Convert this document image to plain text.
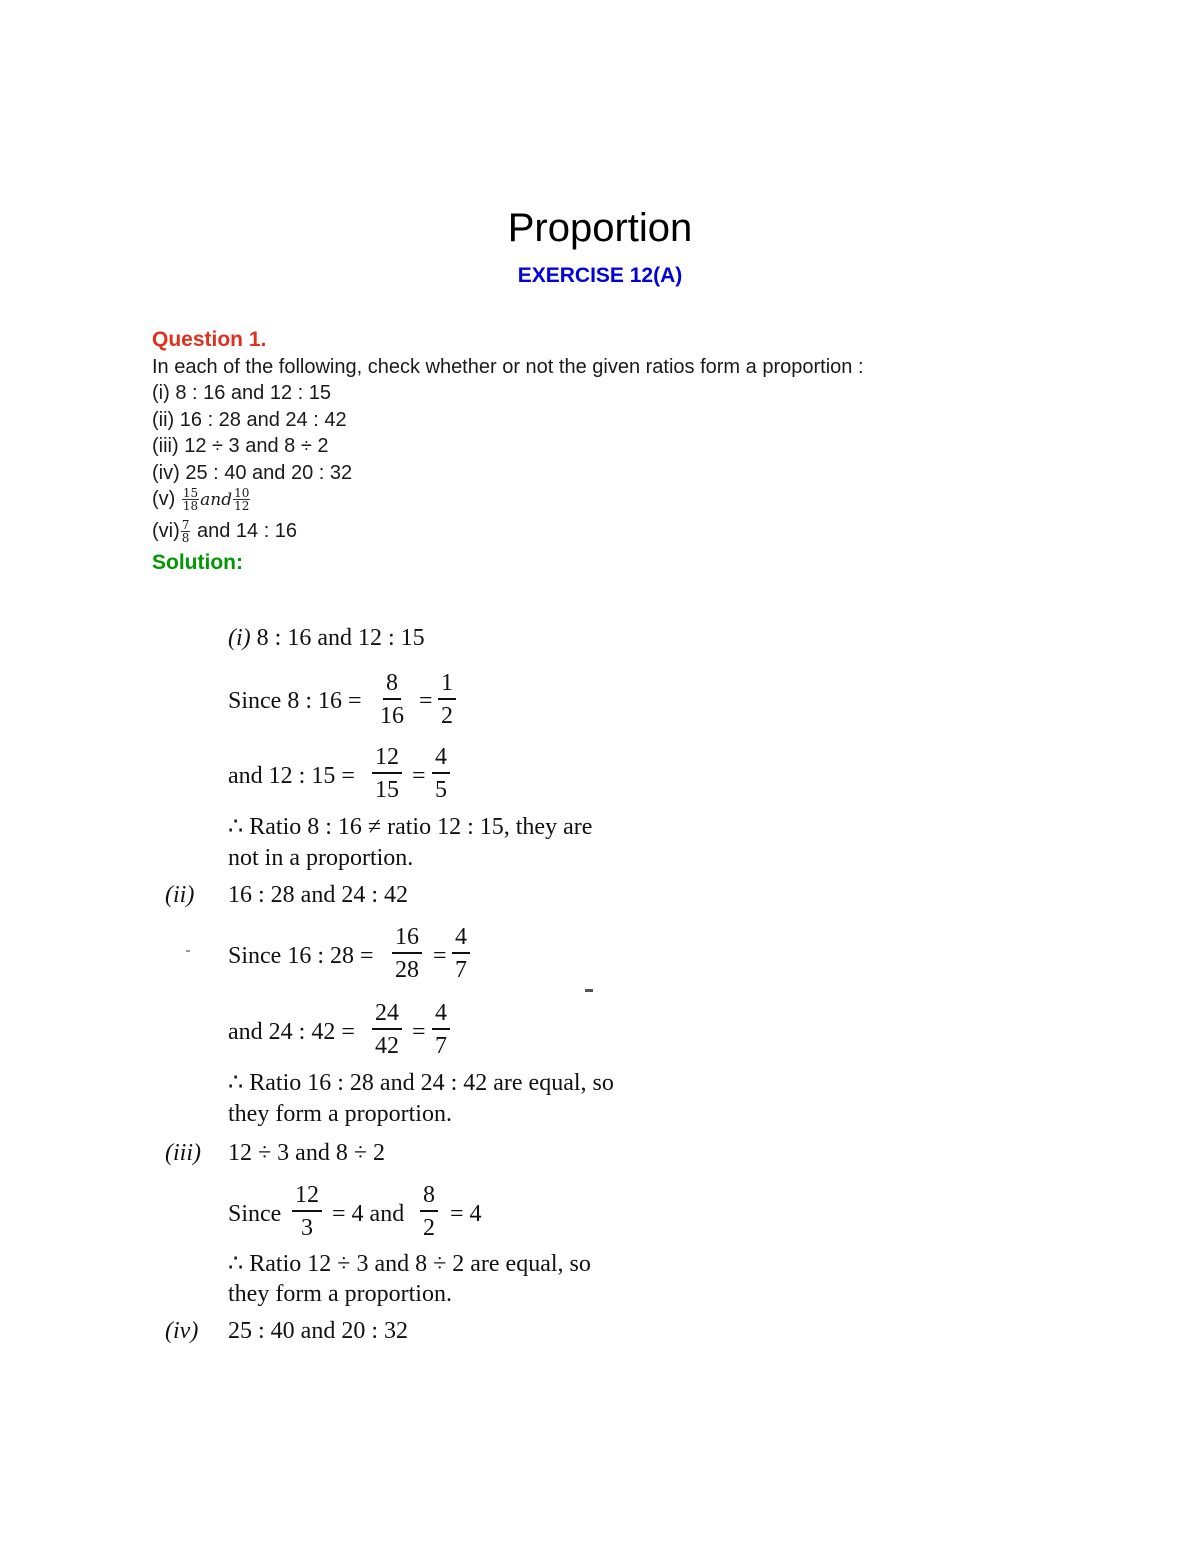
Proportion
EXERCISE 12(A)
Question 1.
In each of the following, check whether or not the given ratios form a proportion :
(i) 8 : 16 and 12 : 15
(ii) 16 : 28 and 24 : 42
(iii) 12 ÷ 3 and 8 ÷ 2
(iv) 25 : 40 and 20 : 32
$(v) \frac{15}{18}$ and $\frac{10}{12}$
$(vi) \frac{7}{8}$ and 14 : 16
Solution:
(i) 8 : 16 and 12 : 15
Since 8 : $16 = \frac{8}{16} = \frac{1}{2}$
and 12 : $15 = \frac{12}{15} = \frac{4}{5}$
∴ Ratio 8 : 16 ≠ ratio 12 : 15, they are
not in a proportion.
(ii) 16 : 28 and 24 : 42
Since 16 : $28 = \frac{16}{28} = \frac{4}{7}$
and 24 : $42 = \frac{24}{42} = \frac{4}{7}$
∴ Ratio 16 : 28 and 24 : 42 are equal, so
they form a proportion.
(iii) 12 ÷ 3 and 8 ÷ 2
Since $\frac{12}{3} = 4$ and $\frac{8}{2} = 4$
∴ Ratio 12 ÷ 3 and 8 ÷ 2 are equal, so
they form a proportion.
(iv) 25 : 40 and 20 : 32
